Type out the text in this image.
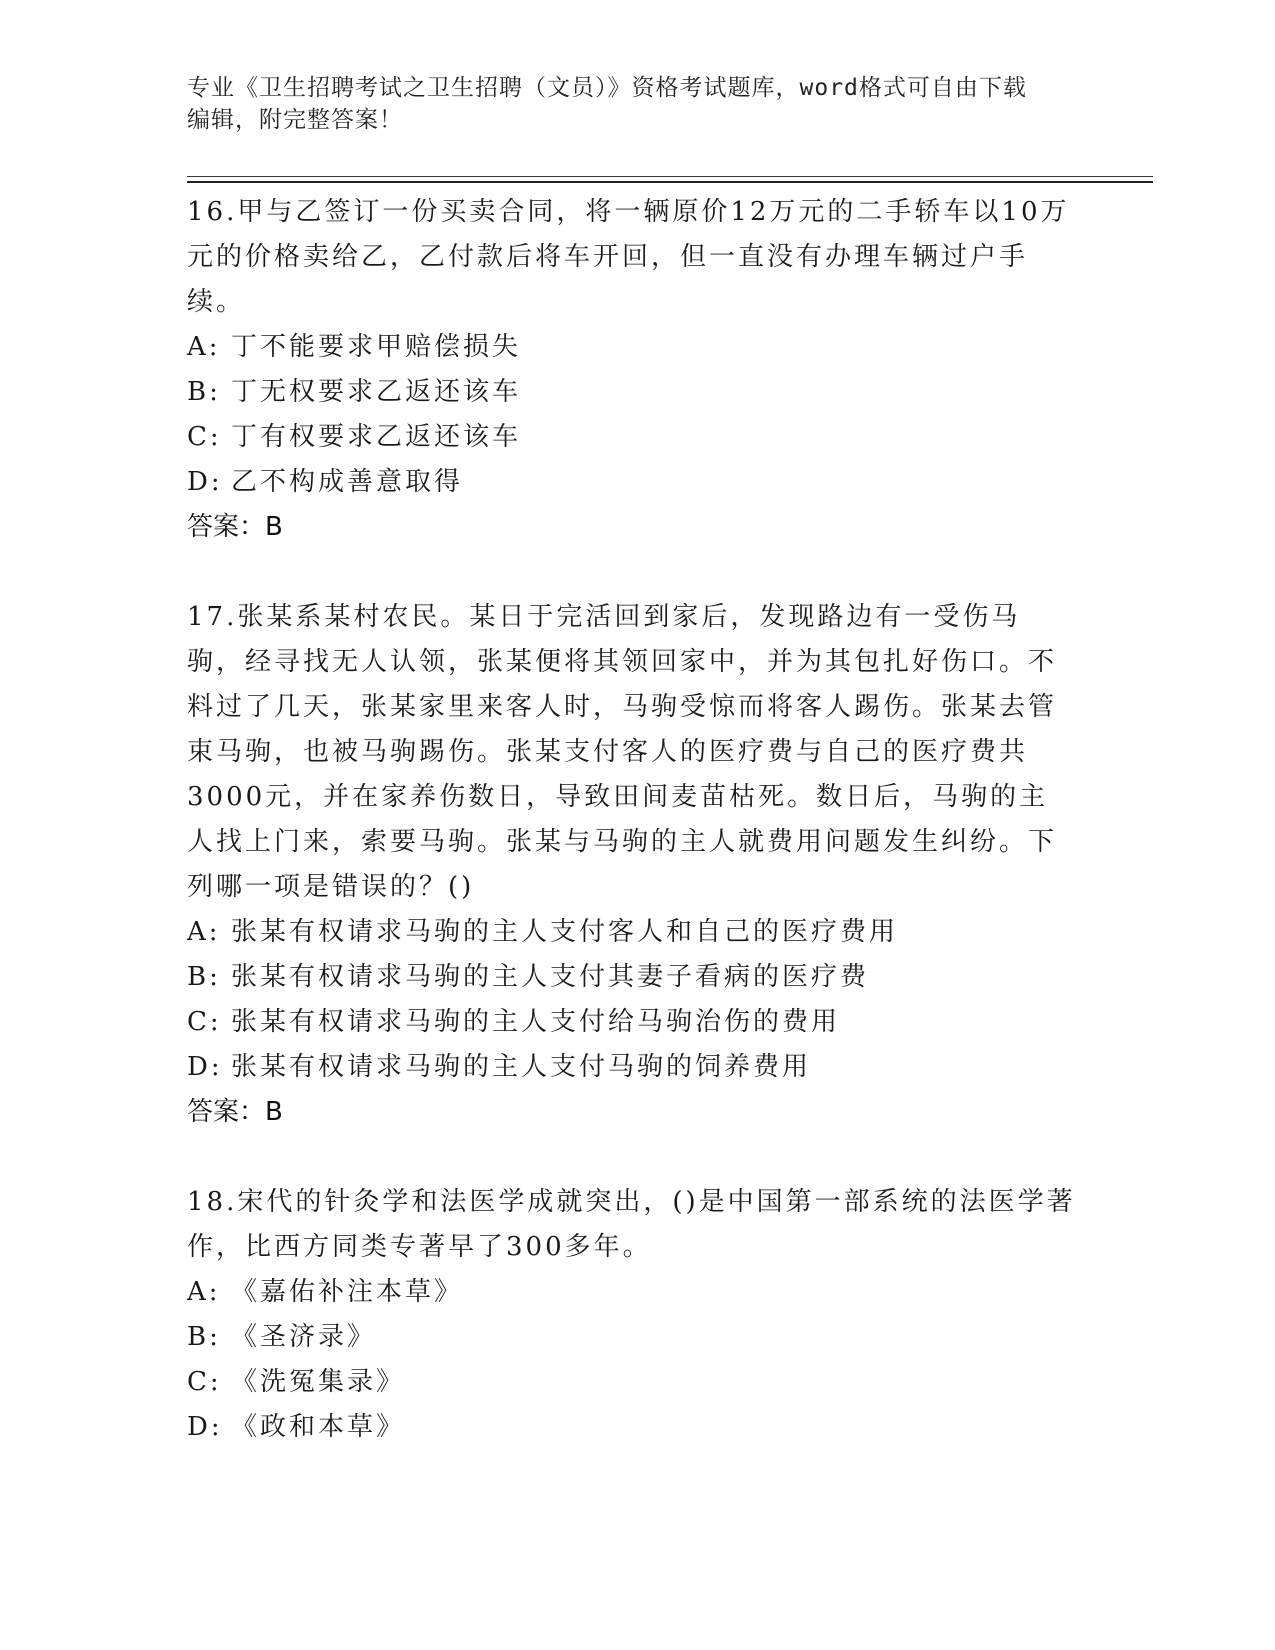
专业《卫生招聘考试之卫生招聘（文员）》资格考试题库，word格式可自由下载
编辑，附完整答案！

16.甲与乙签订一份买卖合同，将一辆原价12万元的二手轿车以10万元的价格卖给乙，乙付款后将车开回，但一直没有办理车辆过户手续。

A: 丁不能要求甲赔偿损失
B: 丁无权要求乙返还该车
C: 丁有权要求乙返还该车
D: 乙不构成善意取得

答案：B

17.张某系某村农民。某日于完活回到家后，发现路边有一受伤马驹，经寻找无人认领，张某便将其领回家中，并为其包扎好伤口。不料过了几天，张某家里来客人时，马驹受惊而将客人踢伤。张某去管束马驹，也被马驹踢伤。张某支付客人的医疗费与自己的医疗费共3000元，并在家养伤数日，导致田间麦苗枯死。数日后，马驹的主人找上门来，索要马驹。张某与马驹的主人就费用问题发生纠纷。下列哪一项是错误的？()

A: 张某有权请求马驹的主人支付客人和自己的医疗费用
B: 张某有权请求马驹的主人支付其妻子看病的医疗费
C: 张某有权请求马驹的主人支付给马驹治伤的费用
D: 张某有权请求马驹的主人支付马驹的饲养费用

答案：B

18.宋代的针灸学和法医学成就突出，()是中国第一部系统的法医学著作，比西方同类专著早了300多年。

A: 《嘉佑补注本草》
B: 《圣济录》
C: 《洗冤集录》
D: 《政和本草》
